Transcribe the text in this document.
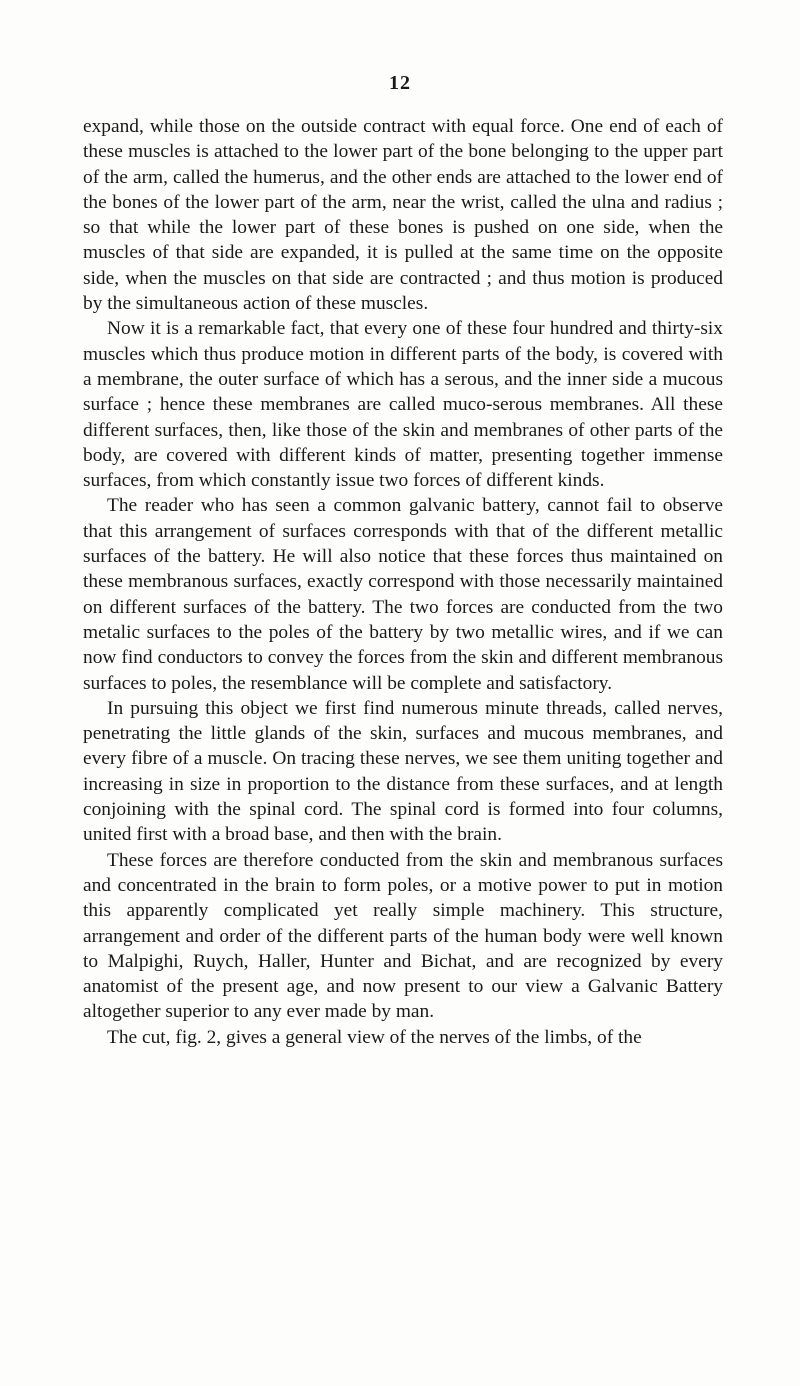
12

expand, while those on the outside contract with equal force. One end of each of these muscles is attached to the lower part of the bone belonging to the upper part of the arm, called the humerus, and the other ends are attached to the lower end of the bones of the lower part of the arm, near the wrist, called the ulna and radius ; so that while the lower part of these bones is pushed on one side, when the muscles of that side are expanded, it is pulled at the same time on the opposite side, when the muscles on that side are contracted ; and thus motion is produced by the simultaneous action of these muscles.

Now it is a remarkable fact, that every one of these four hundred and thirty-six muscles which thus produce motion in different parts of the body, is covered with a membrane, the outer surface of which has a serous, and the inner side a mucous surface ; hence these membranes are called muco-serous membranes. All these different surfaces, then, like those of the skin and membranes of other parts of the body, are covered with different kinds of matter, presenting together immense surfaces, from which constantly issue two forces of different kinds.

The reader who has seen a common galvanic battery, cannot fail to observe that this arrangement of surfaces corresponds with that of the different metallic surfaces of the battery. He will also notice that these forces thus maintained on these membranous surfaces, exactly correspond with those necessarily maintained on different surfaces of the battery. The two forces are conducted from the two metalic surfaces to the poles of the battery by two metallic wires, and if we can now find conductors to convey the forces from the skin and different membranous surfaces to poles, the resemblance will be complete and satisfactory.

In pursuing this object we first find numerous minute threads, called nerves, penetrating the little glands of the skin, surfaces and mucous membranes, and every fibre of a muscle. On tracing these nerves, we see them uniting together and increasing in size in proportion to the distance from these surfaces, and at length conjoining with the spinal cord. The spinal cord is formed into four columns, united first with a broad base, and then with the brain.

These forces are therefore conducted from the skin and membranous surfaces and concentrated in the brain to form poles, or a motive power to put in motion this apparently complicated yet really simple machinery. This structure, arrangement and order of the different parts of the human body were well known to Malpighi, Ruych, Haller, Hunter and Bichat, and are recognized by every anatomist of the present age, and now present to our view a Galvanic Battery altogether superior to any ever made by man.

The cut, fig. 2, gives a general view of the nerves of the limbs, of the
